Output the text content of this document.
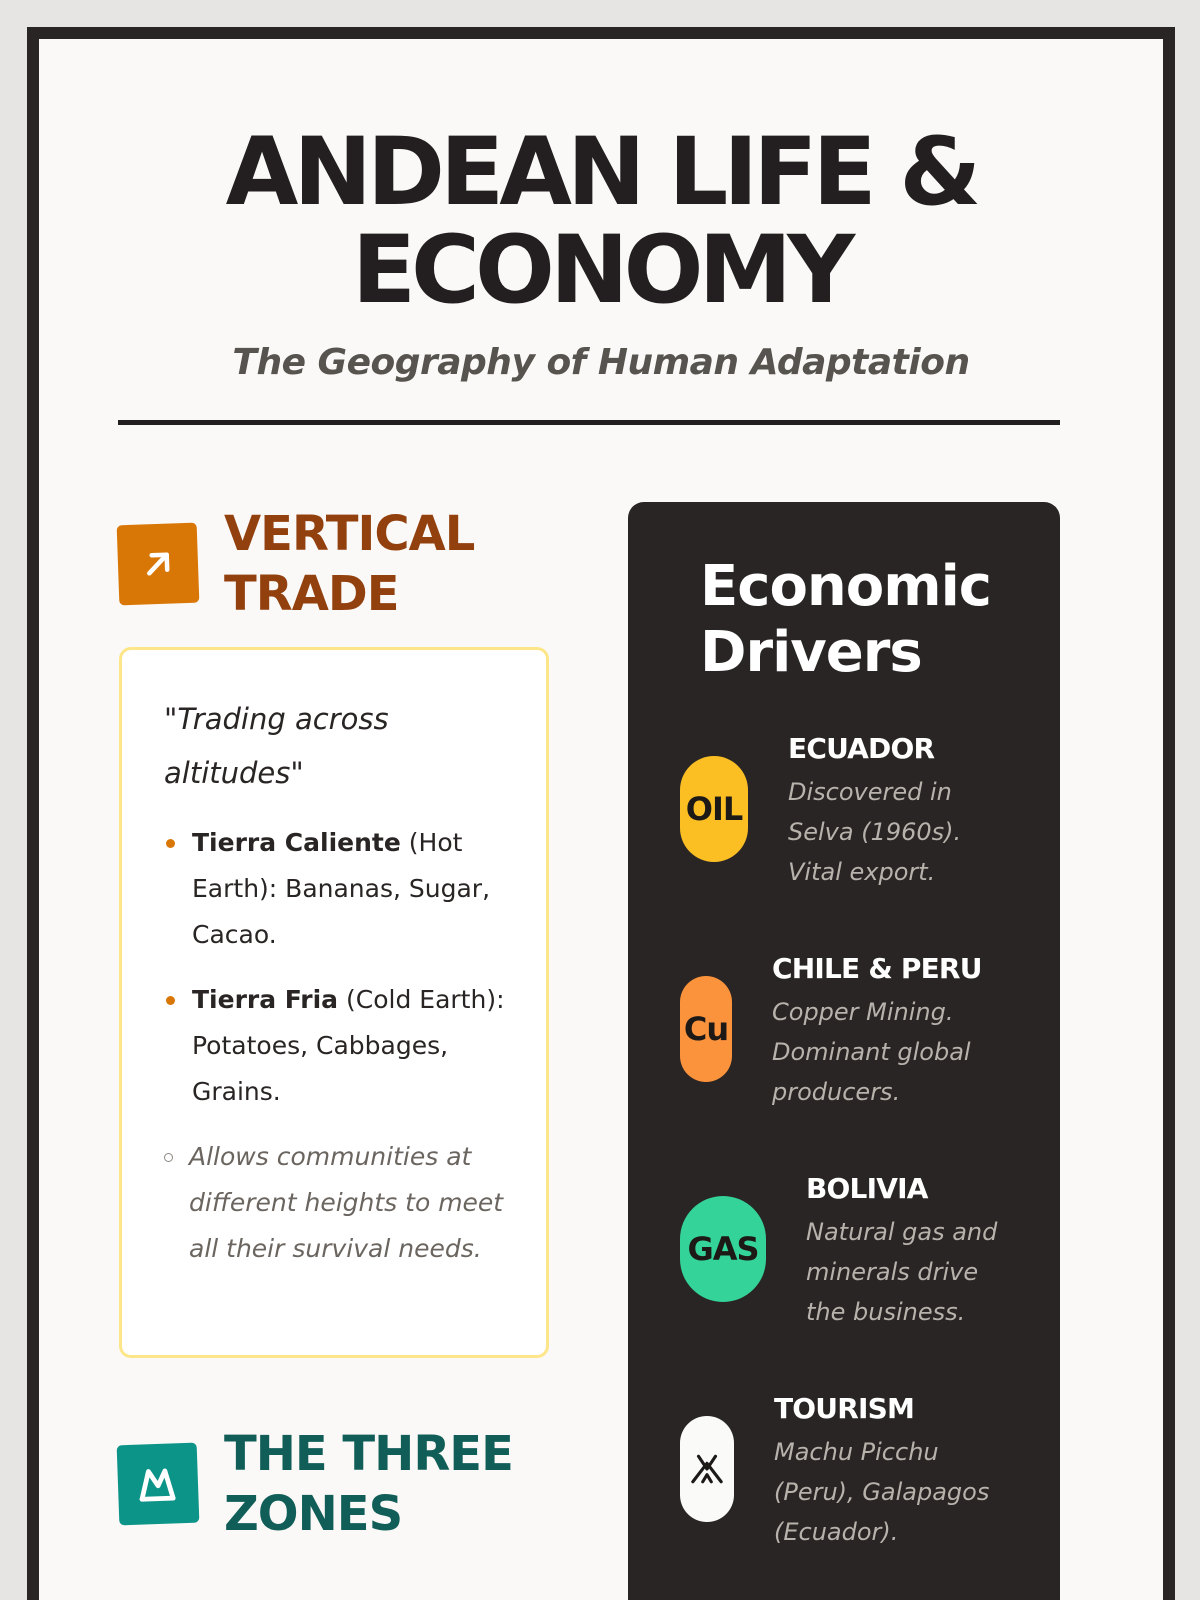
ANDEAN LIFE &
ECONOMY
The Geography of Human Adaptation
VERTICAL
TRADE
"Trading across altitudes"
Tierra Caliente (Hot Earth): Bananas, Sugar, Cacao.
Tierra Fria (Cold Earth): Potatoes, Cabbages, Grains.
Allows communities at different heights to meet all their survival needs.
THE THREE
ZONES
Economic
Drivers
OIL
ECUADOR
Discovered in
Selva (1960s).
Vital export.
Cu
CHILE & PERU
Copper Mining.
Dominant global
producers.
GAS
BOLIVIA
Natural gas and
minerals drive
the business.
TOURISM
Machu Picchu
(Peru), Galapagos
(Ecuador).
